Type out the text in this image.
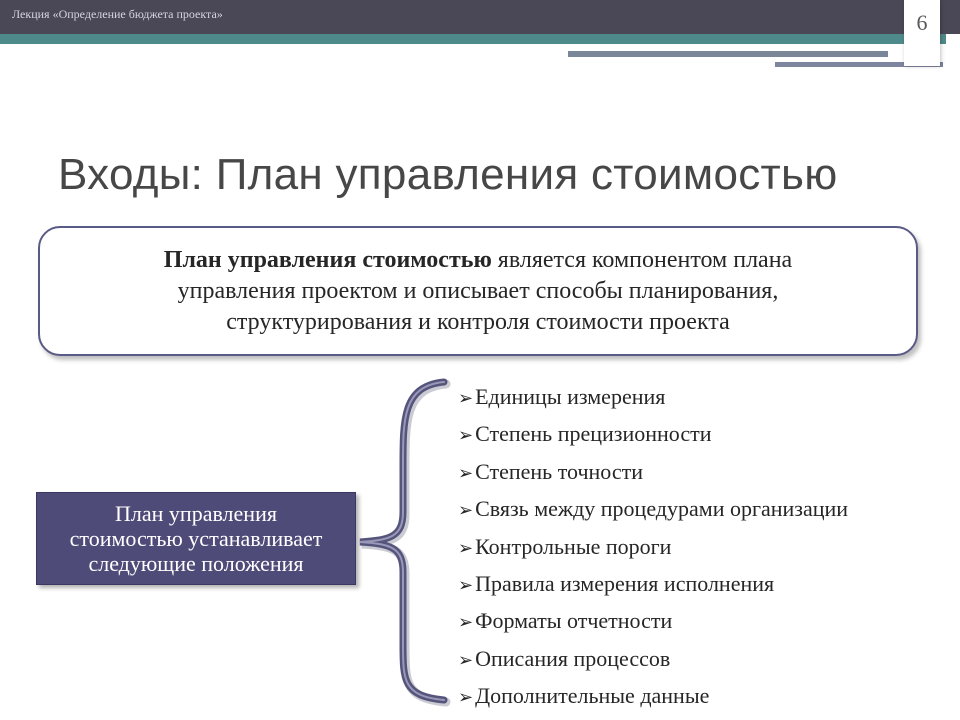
Лекция «Определение бюджета проекта»	6
Входы: План управления стоимостью
План управления стоимостью является компонентом плана
управления проектом и описывает способы планирования,
структурирования и контроля стоимости проекта
План управления
стоимостью устанавливает
следующие положения
➢Единицы измерения
➢Степень прецизионности
➢Степень точности
➢Связь между процедурами организации
➢Контрольные пороги
➢Правила измерения исполнения
➢Форматы отчетности
➢Описания процессов
➢Дополнительные данные
